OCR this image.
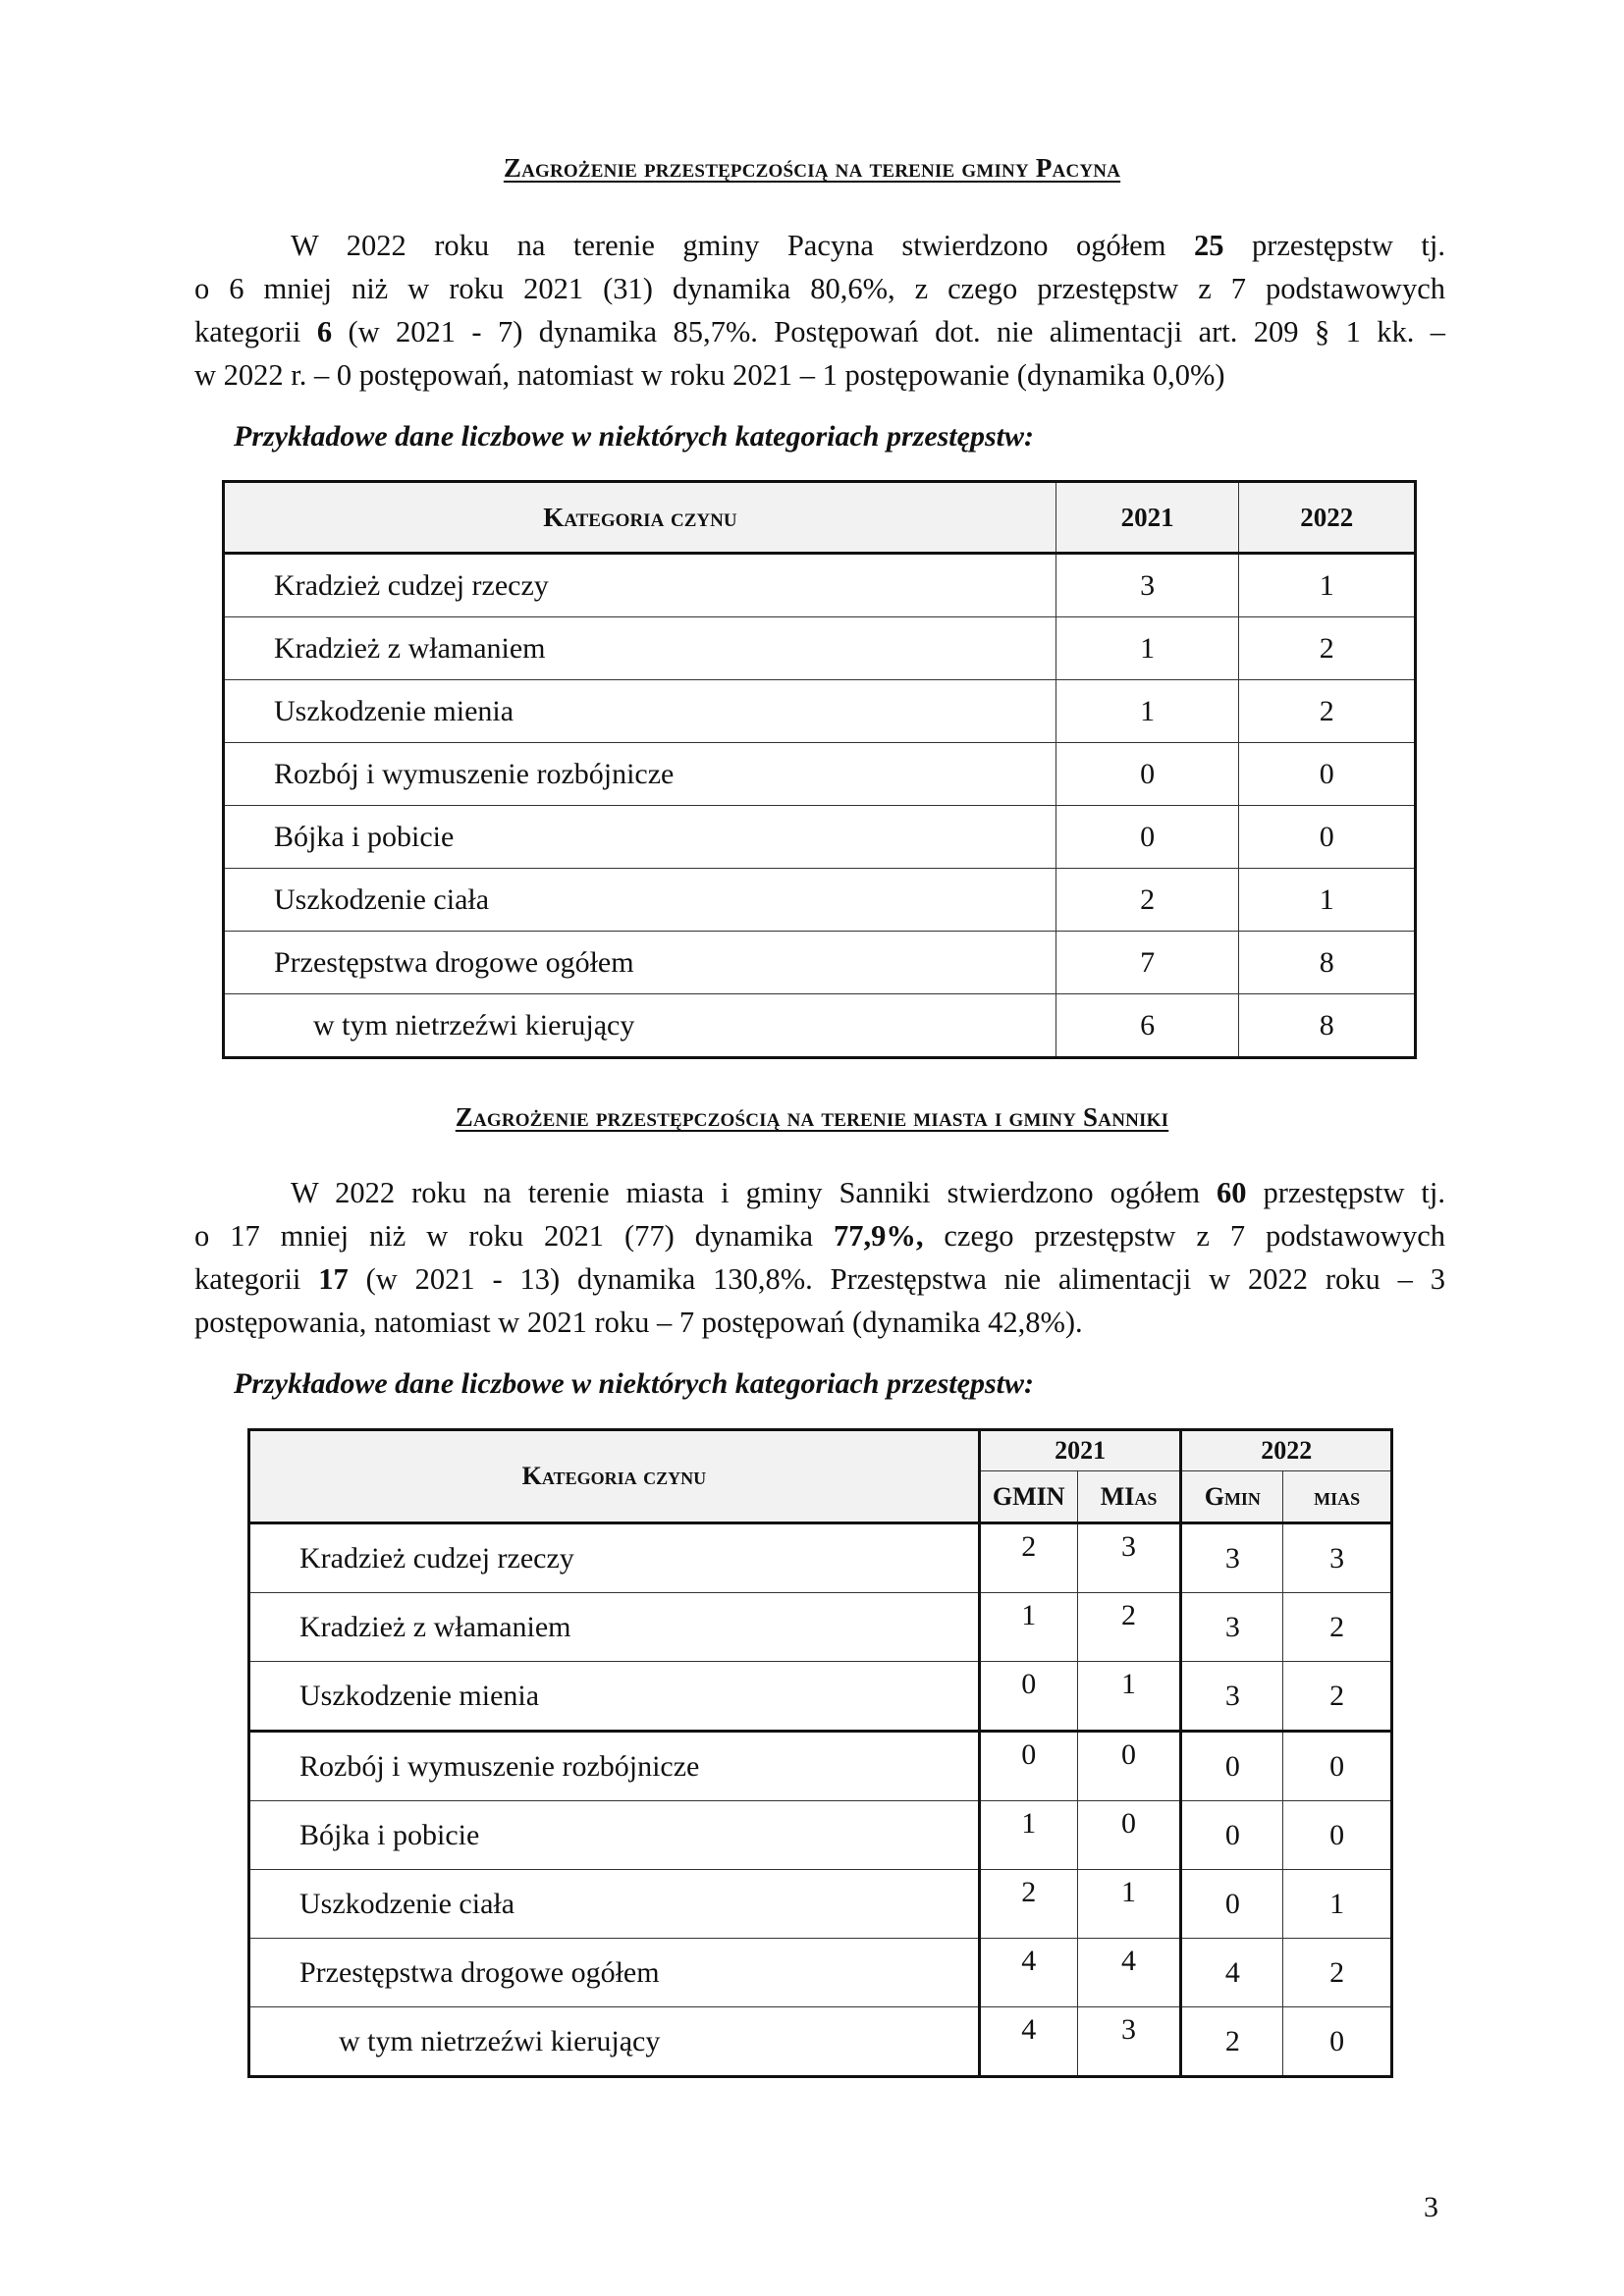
Zagrożenie przestępczością na terenie gminy Pacyna
W 2022 roku na terenie gminy Pacyna stwierdzono ogółem 25 przestępstw tj.
o 6 mniej niż w roku 2021 (31) dynamika 80,6%, z czego przestępstw z 7 podstawowych
kategorii 6 (w 2021 - 7) dynamika 85,7%. Postępowań dot. nie alimentacji art. 209 § 1 kk. –
w 2022 r. – 0 postępowań, natomiast w roku 2021 – 1 postępowanie (dynamika 0,0%)
Przykładowe dane liczbowe w niektórych kategoriach przestępstw:
Kategoria czynu	2021	2022
Kradzież cudzej rzeczy	3	1
Kradzież z włamaniem	1	2
Uszkodzenie mienia	1	2
Rozbój i wymuszenie rozbójnicze	0	0
Bójka i pobicie	0	0
Uszkodzenie ciała	2	1
Przestępstwa drogowe ogółem	7	8
w tym nietrzeźwi kierujący	6	8
Zagrożenie przestępczością na terenie miasta i gminy Sanniki
W 2022 roku na terenie miasta i gminy Sanniki stwierdzono ogółem 60 przestępstw tj.
o 17 mniej niż w roku 2021 (77) dynamika 77,9%, czego przestępstw z 7 podstawowych
kategorii 17 (w 2021 - 13) dynamika 130,8%. Przestępstwa nie alimentacji w 2022 roku – 3
postępowania, natomiast w 2021 roku – 7 postępowań (dynamika 42,8%).
Przykładowe dane liczbowe w niektórych kategoriach przestępstw:
Kategoria czynu	2021		2022	
	GMIN	MIas	Gmin	mias
Kradzież cudzej rzeczy	2	3	3	3
Kradzież z włamaniem	1	2	3	2
Uszkodzenie mienia	0	1	3	2
Rozbój i wymuszenie rozbójnicze	0	0	0	0
Bójka i pobicie	1	0	0	0
Uszkodzenie ciała	2	1	0	1
Przestępstwa drogowe ogółem	4	4	4	2
w tym nietrzeźwi kierujący	4	3	2	0
3
